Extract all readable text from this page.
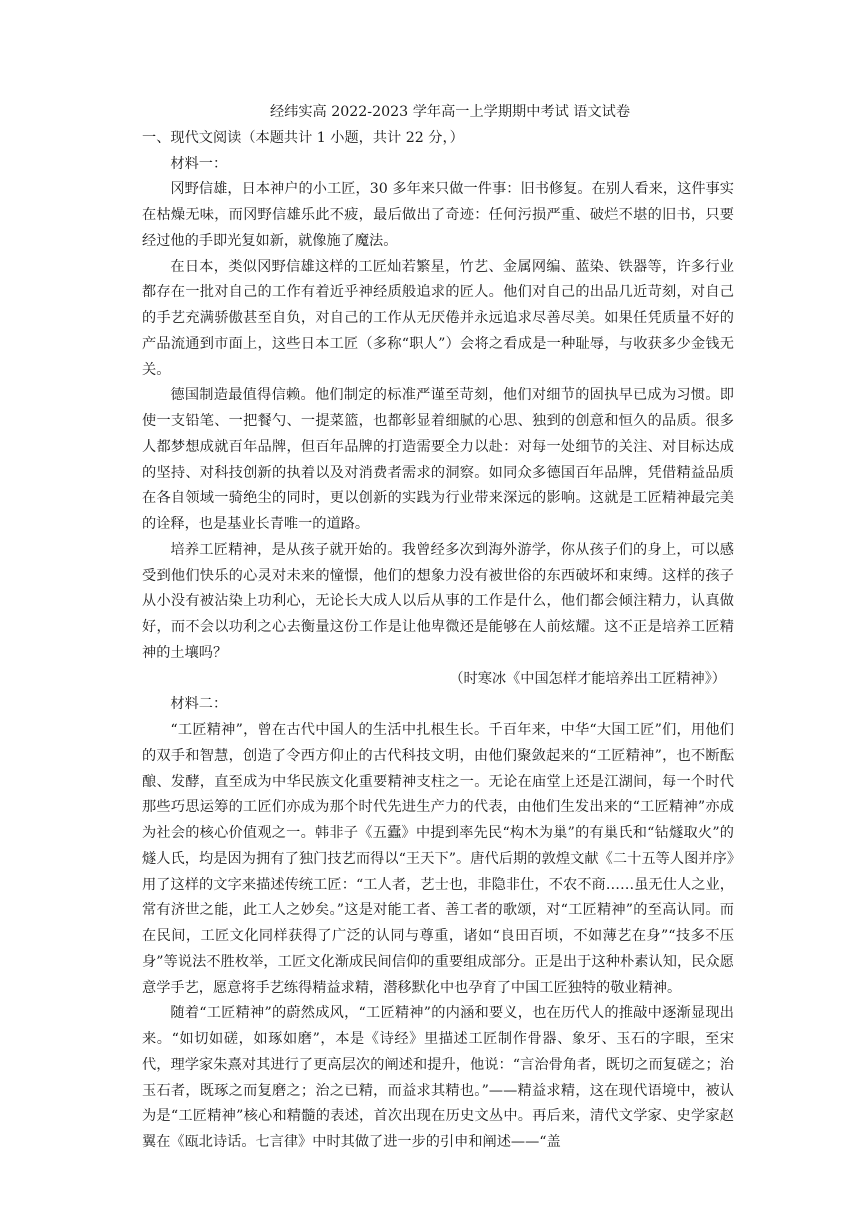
经纬实高 2022-2023 学年高一上学期期中考试 语文试卷

一、现代文阅读（本题共计 1 小题，共计 22 分，）

材料一：

冈野信雄，日本神户的小工匠，30 多年来只做一件事：旧书修复。在别人看来，这件事实在枯燥无味，而冈野信雄乐此不疲，最后做出了奇迹：任何污损严重、破烂不堪的旧书，只要经过他的手即光复如新，就像施了魔法。

在日本，类似冈野信雄这样的工匠灿若繁星，竹艺、金属网编、蓝染、铁器等，许多行业都存在一批对自己的工作有着近乎神经质般追求的匠人。他们对自己的出品几近苛刻，对自己的手艺充满骄傲甚至自负，对自己的工作从无厌倦并永远追求尽善尽美。如果任凭质量不好的产品流通到市面上，这些日本工匠（多称“职人”）会将之看成是一种耻辱，与收获多少金钱无关。

德国制造最值得信赖。他们制定的标准严谨至苛刻，他们对细节的固执早已成为习惯。即使一支铅笔、一把餐勺、一提菜篮，也都彰显着细腻的心思、独到的创意和恒久的品质。很多人都梦想成就百年品牌，但百年品牌的打造需要全力以赴：对每一处细节的关注、对目标达成的坚持、对科技创新的执着以及对消费者需求的洞察。如同众多德国百年品牌，凭借精益品质在各自领域一骑绝尘的同时，更以创新的实践为行业带来深远的影响。这就是工匠精神最完美的诠释，也是基业长青唯一的道路。

培养工匠精神，是从孩子就开始的。我曾经多次到海外游学，你从孩子们的身上，可以感受到他们快乐的心灵对未来的憧憬，他们的想象力没有被世俗的东西破坏和束缚。这样的孩子从小没有被沾染上功利心，无论长大成人以后从事的工作是什么，他们都会倾注精力，认真做好，而不会以功利之心去衡量这份工作是让他卑微还是能够在人前炫耀。这不正是培养工匠精神的土壤吗？

（时寒冰《中国怎样才能培养出工匠精神》）

材料二：

“工匠精神”，曾在古代中国人的生活中扎根生长。千百年来，中华“大国工匠”们，用他们的双手和智慧，创造了令西方仰止的古代科技文明，由他们聚敛起来的“工匠精神”，也不断酝酿、发酵，直至成为中华民族文化重要精神支柱之一。无论在庙堂上还是江湖间，每一个时代那些巧思运筹的工匠们亦成为那个时代先进生产力的代表，由他们生发出来的“工匠精神”亦成为社会的核心价值观之一。韩非子《五蠹》中提到率先民“构木为巢”的有巢氏和“钻燧取火”的燧人氏，均是因为拥有了独门技艺而得以“王天下”。唐代后期的敦煌文献《二十五等人图并序》用了这样的文字来描述传统工匠：“工人者，艺士也，非隐非仕，不农不商……虽无仕人之业，常有济世之能，此工人之妙矣。”这是对能工者、善工者的歌颂，对“工匠精神”的至高认同。而在民间，工匠文化同样获得了广泛的认同与尊重，诸如“良田百顷，不如薄艺在身”“技多不压身”等说法不胜枚举，工匠文化渐成民间信仰的重要组成部分。正是出于这种朴素认知，民众愿意学手艺，愿意将手艺练得精益求精，潜移默化中也孕育了中国工匠独特的敬业精神。

随着“工匠精神”的蔚然成风，“工匠精神”的内涵和要义，也在历代人的推敲中逐渐显现出来。“如切如磋，如琢如磨”，本是《诗经》里描述工匠制作骨器、象牙、玉石的字眼，至宋代，理学家朱熹对其进行了更高层次的阐述和提升，他说：“言治骨角者，既切之而复磋之；治玉石者，既琢之而复磨之；治之已精，而益求其精也。”——精益求精，这在现代语境中，被认为是“工匠精神”核心和精髓的表述，首次出现在历史文丛中。再后来，清代文学家、史学家赵翼在《瓯北诗话。七言律》中时其做了进一步的引申和阐述——“盖
